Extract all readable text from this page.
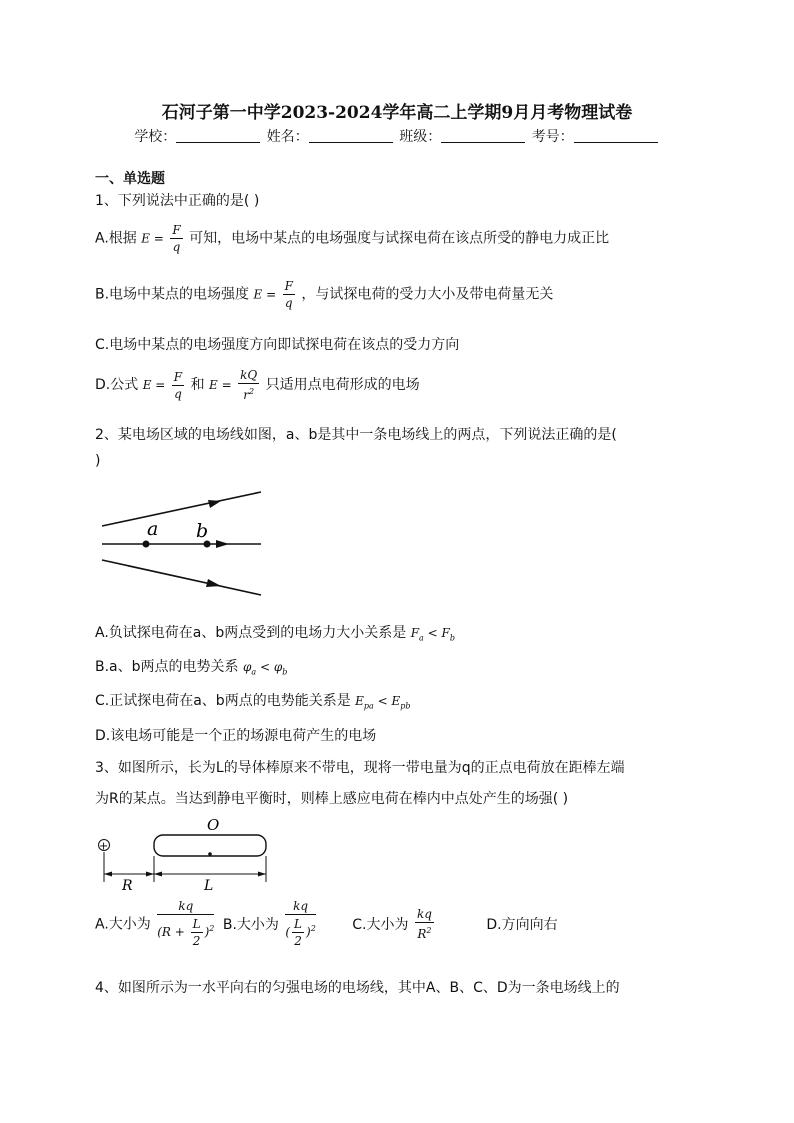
石河子第一中学2023-2024学年高二上学期9月月考物理试卷
学校：	姓名：	班级：	考号：
一、单选题
1、下列说法中正确的是( )
A.根据 $E = \frac{F}{q}$ 可知，电场中某点的电场强度与试探电荷在该点所受的静电力成正比
B.电场中某点的电场强度 $E = \frac{F}{q}$ ，与试探电荷的受力大小及带电荷量无关
C.电场中某点的电场强度方向即试探电荷在该点的受力方向
D.公式 $E = \frac{F}{q}$ 和 $E = \frac{kQ}{r^2}$ 只适用点电荷形成的电场
2、某电场区域的电场线如图，a、b是其中一条电场线上的两点，下列说法正确的是(
)
a b
A.负试探电荷在a、b两点受到的电场力大小关系是 $F_a < F_b$
B.a、b两点的电势关系 $\varphi_a < \varphi_b$
C.正试探电荷在a、b两点的电势能关系是 $E_{pa} < E_{pb}$
D.该电场可能是一个正的场源电荷产生的电场
3、如图所示，长为L的导体棒原来不带电，现将一带电量为q的正点电荷放在距棒左端
为R的某点。当达到静电平衡时，则棒上感应电荷在棒内中点处产生的场强( )
O
+
R	L
A.大小为 $\frac{kq}{(R + \frac{L}{2} )^2} B$.大小为 $\frac{kq}{( \frac{L}{2} )^2}$	C.大小为 $\frac{kq}{R^2}$	D.方向向右
4、如图所示为一水平向右的匀强电场的电场线，其中A、B、C、D为一条电场线上的
